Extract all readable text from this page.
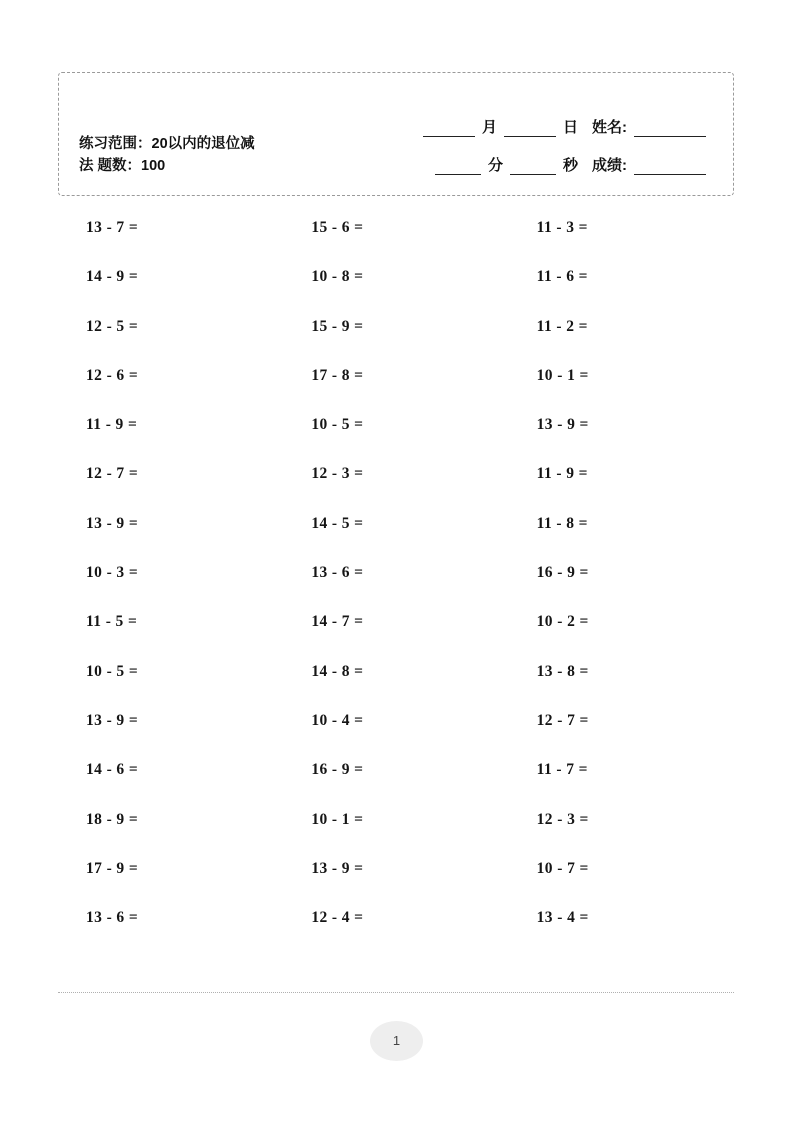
练习范围：20以内的退位减
法 题数：100
月	日 姓名:
分	秒 成绩:
13 - 7 =	15 - 6 =	11 - 3 =
14 - 9 =	10 - 8 =	11 - 6 =
12 - 5 =	15 - 9 =	11 - 2 =
12 - 6 =	17 - 8 =	10 - 1 =
11 - 9 =	10 - 5 =	13 - 9 =
12 - 7 =	12 - 3 =	11 - 9 =
13 - 9 =	14 - 5 =	11 - 8 =
10 - 3 =	13 - 6 =	16 - 9 =
11 - 5 =	14 - 7 =	10 - 2 =
10 - 5 =	14 - 8 =	13 - 8 =
13 - 9 =	10 - 4 =	12 - 7 =
14 - 6 =	16 - 9 =	11 - 7 =
18 - 9 =	10 - 1 =	12 - 3 =
17 - 9 =	13 - 9 =	10 - 7 =
13 - 6 =	12 - 4 =	13 - 4 =
1
